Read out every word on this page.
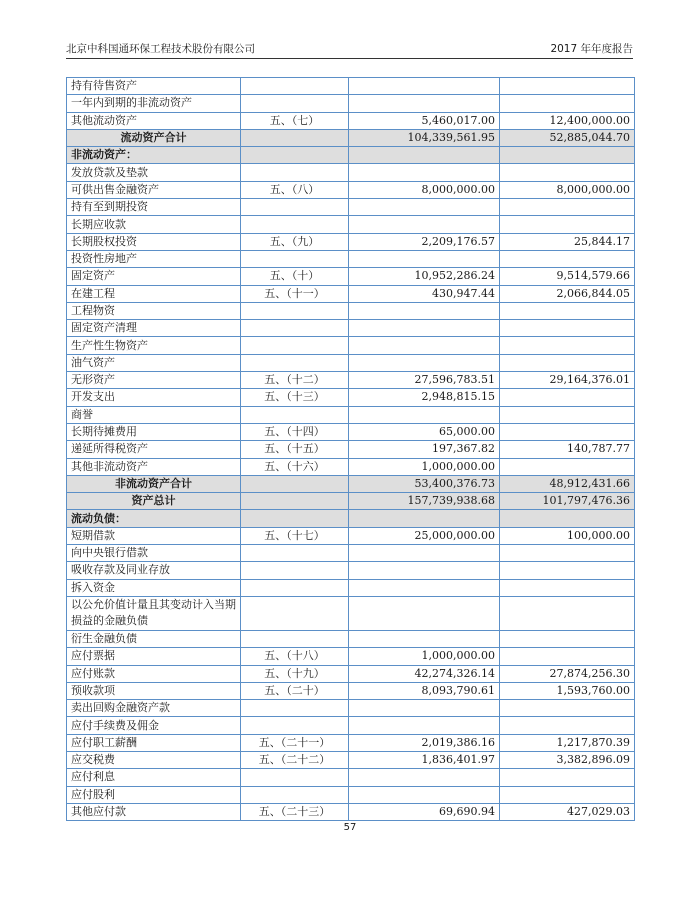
北京中科国通环保工程技术股份有限公司	2017 年年度报告
持有待售资产			
一年内到期的非流动资产			
其他流动资产	五、（七）	5,460,017.00	12,400,000.00
流动资产合计		104,339,561.95	52,885,044.70
非流动资产：			
发放贷款及垫款			
可供出售金融资产	五、（八）	8,000,000.00	8,000,000.00
持有至到期投资			
长期应收款			
长期股权投资	五、（九）	2,209,176.57	25,844.17
投资性房地产			
固定资产	五、（十）	10,952,286.24	9,514,579.66
在建工程	五、（十一）	430,947.44	2,066,844.05
工程物资			
固定资产清理			
生产性生物资产			
油气资产			
无形资产	五、（十二）	27,596,783.51	29,164,376.01
开发支出	五、（十三）	2,948,815.15	
商誉			
长期待摊费用	五、（十四）	65,000.00	
递延所得税资产	五、（十五）	197,367.82	140,787.77
其他非流动资产	五、（十六）	1,000,000.00	
非流动资产合计		53,400,376.73	48,912,431.66
资产总计		157,739,938.68	101,797,476.36
流动负债：			
短期借款	五、（十七）	25,000,000.00	100,000.00
向中央银行借款			
吸收存款及同业存放			
拆入资金			
以公允价值计量且其变动计入当期损益的金融负债			
衍生金融负债			
应付票据	五、（十八）	1,000,000.00	
应付账款	五、（十九）	42,274,326.14	27,874,256.30
预收款项	五、（二十）	8,093,790.61	1,593,760.00
卖出回购金融资产款			
应付手续费及佣金			
应付职工薪酬	五、（二十一）	2,019,386.16	1,217,870.39
应交税费	五、（二十二）	1,836,401.97	3,382,896.09
应付利息			
应付股利			
其他应付款	五、（二十三）	69,690.94	427,029.03
57
